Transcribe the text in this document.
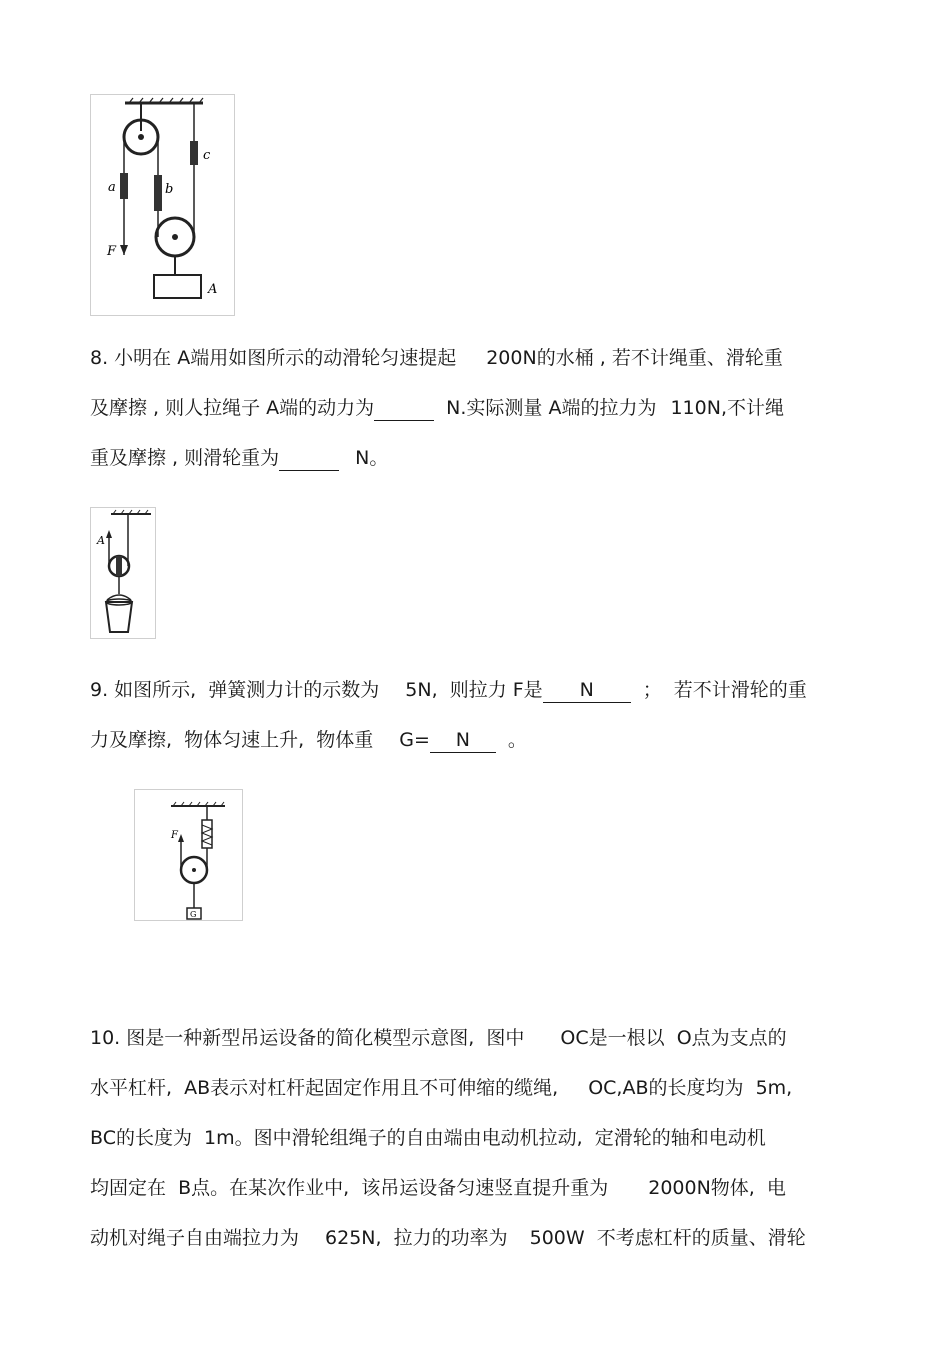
a	b
c
F
A
8. 小明在 A端用如图所示的动滑轮匀速提起 200N的水桶 , 若不计绳重、滑轮重
及摩擦 , 则人拉绳子 A端的动力为	N.实际测量 A端的拉力为 110N,不计绳
重及摩擦 , 则滑轮重为	N。
A
9. 如图所示,  弹簧测力计的示数为 5N,  则拉力 F是 N	；  若不计滑轮的重
力及摩擦,  物体匀速上升,  物体重 G= N 。
F
G
10. 图是一种新型吊运设备的简化模型示意图,  图中 OC是一根以  O点为支点的
水平杠杆,  AB表示对杠杆起固定作用且不可伸缩的缆绳, OC,AB的长度均为  5m,
BC的长度为  1m。图中滑轮组绳子的自由端由电动机拉动,  定滑轮的轴和电动机
均固定在  B点。在某次作业中,  该吊运设备匀速竖直提升重为 2000N物体,  电
动机对绳子自由端拉力为 625N,  拉力的功率为 500W  不考虑杠杆的质量、滑轮
